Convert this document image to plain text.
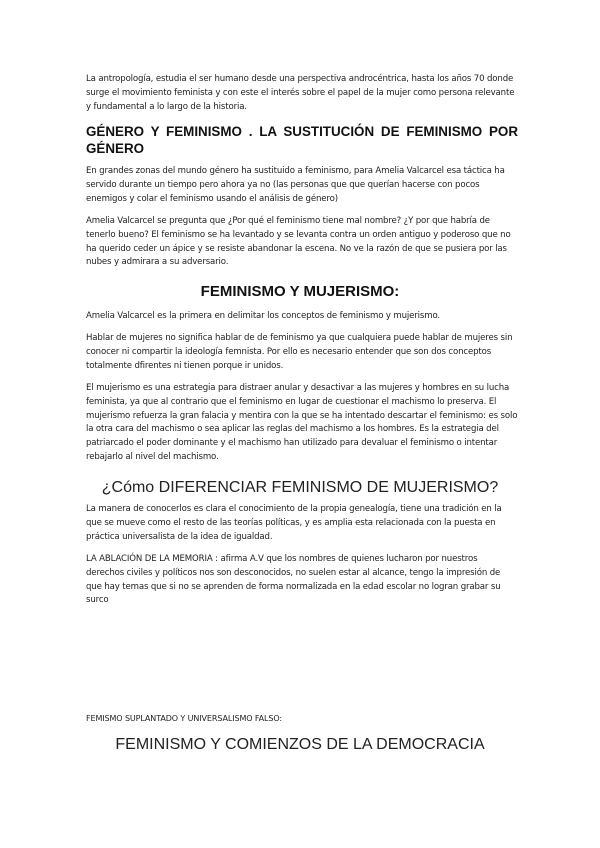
La antropología, estudia el ser humano desde una perspectiva androcéntrica, hasta los años 70 donde surge el movimiento feminista y con este el interés sobre el papel de la mujer como persona relevante y fundamental a lo largo de la historia.

GÉNERO Y FEMINISMO . LA SUSTITUCIÓN DE FEMINISMO POR GÉNERO

En grandes zonas del mundo género ha sustituido a feminismo, para Amelia Valcarcel esa táctica ha servido durante un tiempo pero ahora ya no (las personas que que querían hacerse con pocos enemigos y colar el feminismo usando el análisis de género)

Amelia Valcarcel se pregunta que ¿Por qué el feminismo tiene mal nombre? ¿Y por que habría de tenerlo bueno? El feminismo se ha levantado y se levanta contra un orden antiguo y poderoso que no ha querido ceder un ápice y se resiste abandonar la escena. No ve la razón de que se pusiera por las nubes y admirara a su adversario.

FEMINISMO Y MUJERISMO:

Amelia Valcarcel es la primera en delimitar los conceptos de feminismo y mujerismo.

Hablar de mujeres no significa hablar de de feminismo ya que cualquiera puede hablar de mujeres sin conocer ni compartir la ideología femnista. Por ello es necesario entender que son dos conceptos totalmente dfirentes ni tienen porque ir unidos.

El mujerismo es una estrategia para distraer anular y desactivar a las mujeres y hombres en su lucha feminista, ya que al contrario que el feminismo en lugar de cuestionar el machismo lo preserva. El mujerismo refuerza la gran falacia y mentira con la que se ha intentado descartar el feminismo: es solo la otra cara del machismo o sea aplicar las reglas del machismo a los hombres. Es la estrategia del patriarcado el poder dominante y el machismo han utilizado para devaluar el feminismo o intentar rebajarlo al nivel del machismo.

¿Cómo DIFERENCIAR FEMINISMO DE MUJERISMO?

La manera de conocerlos es clara el conocimiento de la propia genealogía, tiene una tradición en la que se mueve como el resto de las teorías políticas, y es amplia esta relacionada con la puesta en práctica universalista de la idea de igualdad.

LA ABLACIÓN DE LA MEMORIA : afirma A.V que los nombres de quienes lucharon por nuestros derechos civiles y políticos nos son desconocidos, no suelen estar al alcance, tengo la impresión de que hay temas que si no se aprenden de forma normalizada en la edad escolar no logran grabar su surco

FEMISMO SUPLANTADO Y UNIVERSALISMO FALSO:

FEMINISMO Y COMIENZOS DE LA DEMOCRACIA
